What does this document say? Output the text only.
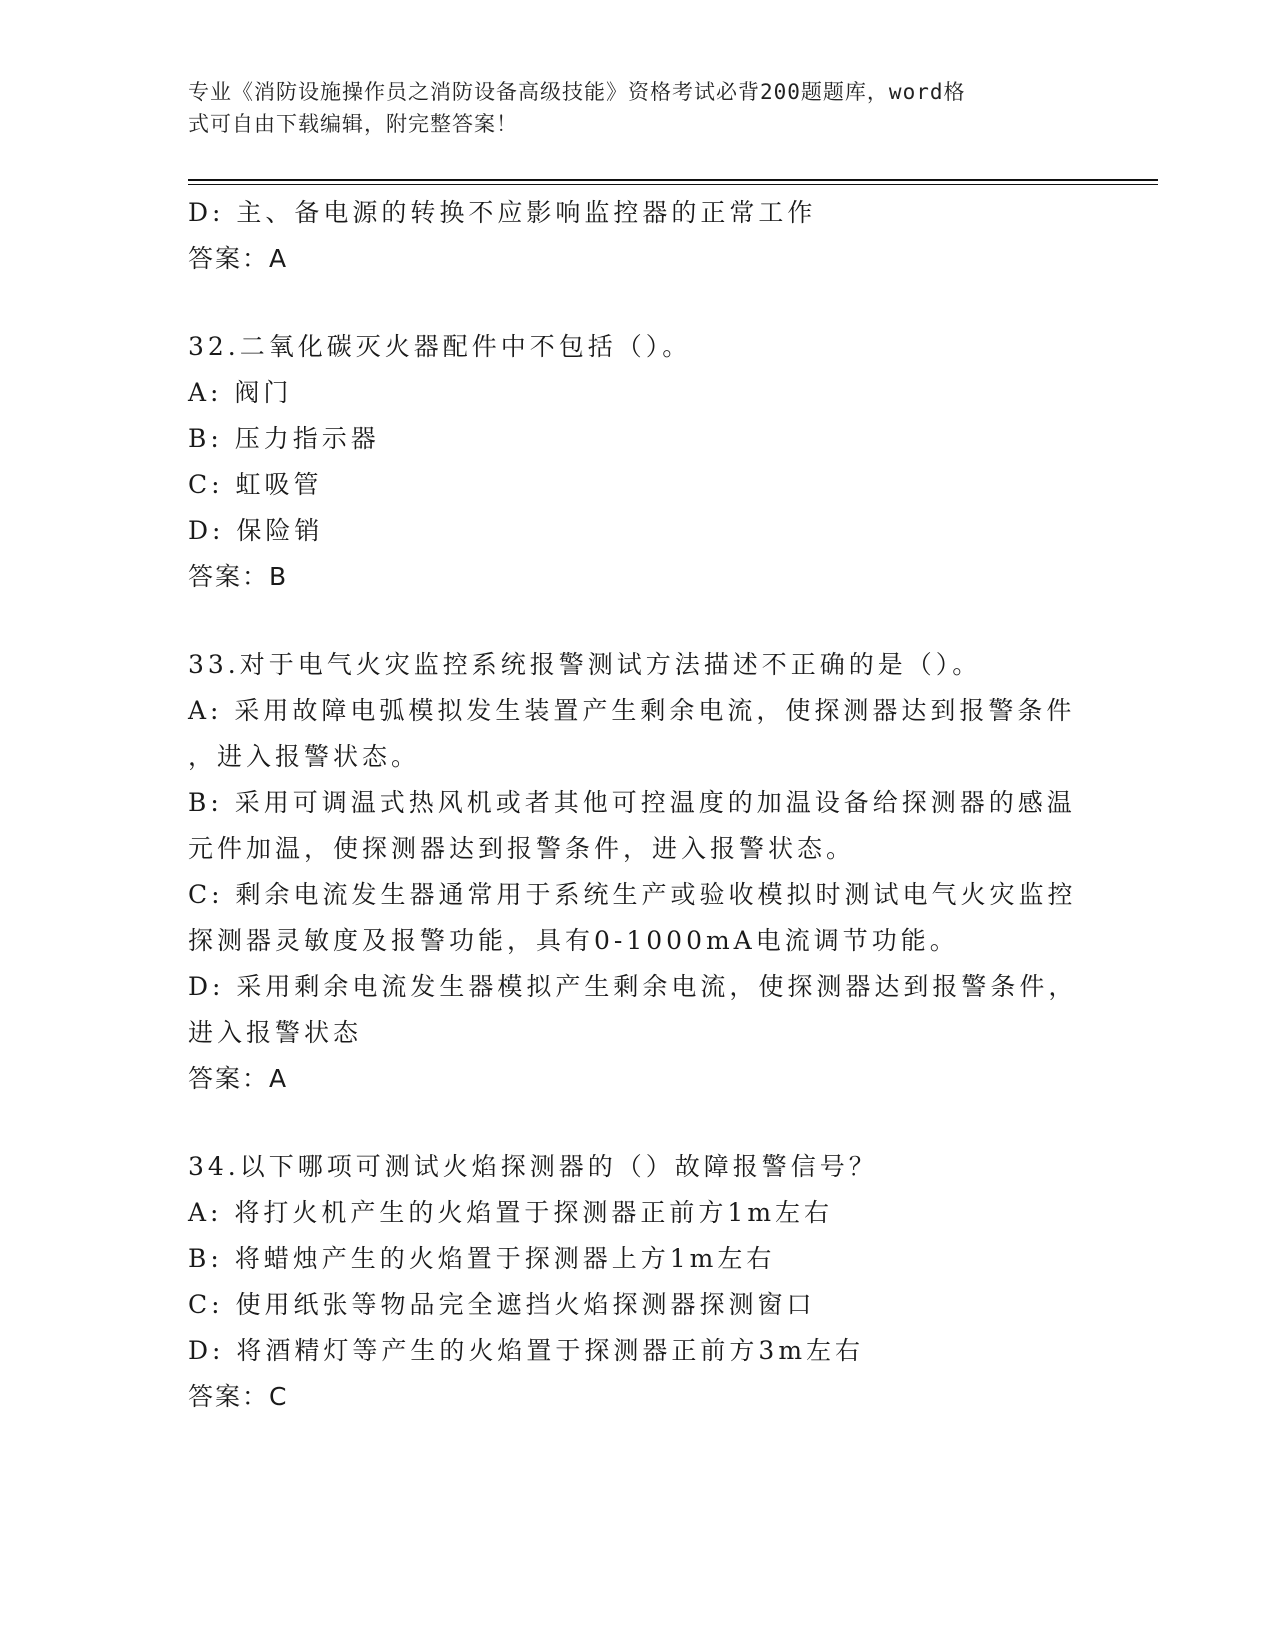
专业《消防设施操作员之消防设备高级技能》资格考试必背200题题库，word格
式可自由下载编辑，附完整答案！
D: 主、备电源的转换不应影响监控器的正常工作
答案：A
32.二氧化碳灭火器配件中不包括（）。
A: 阀门
B: 压力指示器
C: 虹吸管
D: 保险销
答案：B
33.对于电气火灾监控系统报警测试方法描述不正确的是（）。
A: 采用故障电弧模拟发生装置产生剩余电流，使探测器达到报警条件
，进入报警状态。
B: 采用可调温式热风机或者其他可控温度的加温设备给探测器的感温
元件加温，使探测器达到报警条件，进入报警状态。
C: 剩余电流发生器通常用于系统生产或验收模拟时测试电气火灾监控
探测器灵敏度及报警功能，具有0-1000mA电流调节功能。
D: 采用剩余电流发生器模拟产生剩余电流，使探测器达到报警条件，
进入报警状态
答案：A
34.以下哪项可测试火焰探测器的（）故障报警信号？
A: 将打火机产生的火焰置于探测器正前方1m左右
B: 将蜡烛产生的火焰置于探测器上方1m左右
C: 使用纸张等物品完全遮挡火焰探测器探测窗口
D: 将酒精灯等产生的火焰置于探测器正前方3m左右
答案：C
